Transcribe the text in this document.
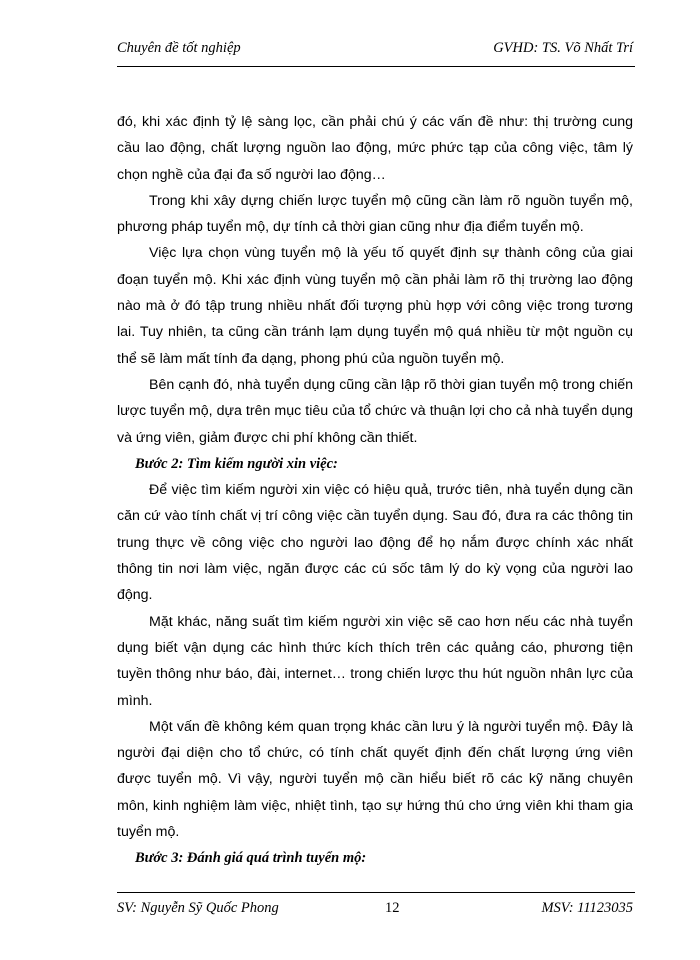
Chuyên đề tốt nghiệp	GVHD: TS. Võ Nhất Trí

đó, khi xác định tỷ lệ sàng lọc, cần phải chú ý các vấn đề như: thị trường cung cầu lao động, chất lượng nguồn lao động, mức phức tạp của công việc, tâm lý chọn nghề của đại đa số người lao động…

Trong khi xây dựng chiến lược tuyển mộ cũng cần làm rõ nguồn tuyển mộ, phương pháp tuyển mộ, dự tính cả thời gian cũng như địa điểm tuyển mộ.

Việc lựa chọn vùng tuyển mộ là yếu tố quyết định sự thành công của giai đoạn tuyển mộ. Khi xác định vùng tuyển mộ cần phải làm rõ thị trường lao động nào mà ở đó tập trung nhiều nhất đối tượng phù hợp với công việc trong tương lai. Tuy nhiên, ta cũng cần tránh lạm dụng tuyển mộ quá nhiều từ một nguồn cụ thể sẽ làm mất tính đa dạng, phong phú của nguồn tuyển mộ.

Bên cạnh đó, nhà tuyển dụng cũng cần lập rõ thời gian tuyển mộ trong chiến lược tuyển mộ, dựa trên mục tiêu của tổ chức và thuận lợi cho cả nhà tuyển dụng và ứng viên, giảm được chi phí không cần thiết.

Bước 2: Tìm kiếm người xin việc:

Để việc tìm kiếm người xin việc có hiệu quả, trước tiên, nhà tuyển dụng cần căn cứ vào tính chất vị trí công việc cần tuyển dụng. Sau đó, đưa ra các thông tin trung thực về công việc cho người lao động để họ nắm được chính xác nhất thông tin nơi làm việc, ngăn được các cú sốc tâm lý do kỳ vọng của người lao động.

Mặt khác, năng suất tìm kiếm người xin việc sẽ cao hơn nếu các nhà tuyển dụng biết vận dụng các hình thức kích thích trên các quảng cáo, phương tiện tuyền thông như báo, đài, internet… trong chiến lược thu hút nguồn nhân lực của mình.

Một vấn đề không kém quan trọng khác cần lưu ý là người tuyển mộ. Đây là người đại diện cho tổ chức, có tính chất quyết định đến chất lượng ứng viên được tuyển mộ. Vì vậy, người tuyển mộ cần hiểu biết rõ các kỹ năng chuyên môn, kinh nghiệm làm việc, nhiệt tình, tạo sự hứng thú cho ứng viên khi tham gia tuyển mộ.

Bước 3: Đánh giá quá trình tuyển mộ:

SV: Nguyễn Sỹ Quốc Phong	12	MSV: 11123035
